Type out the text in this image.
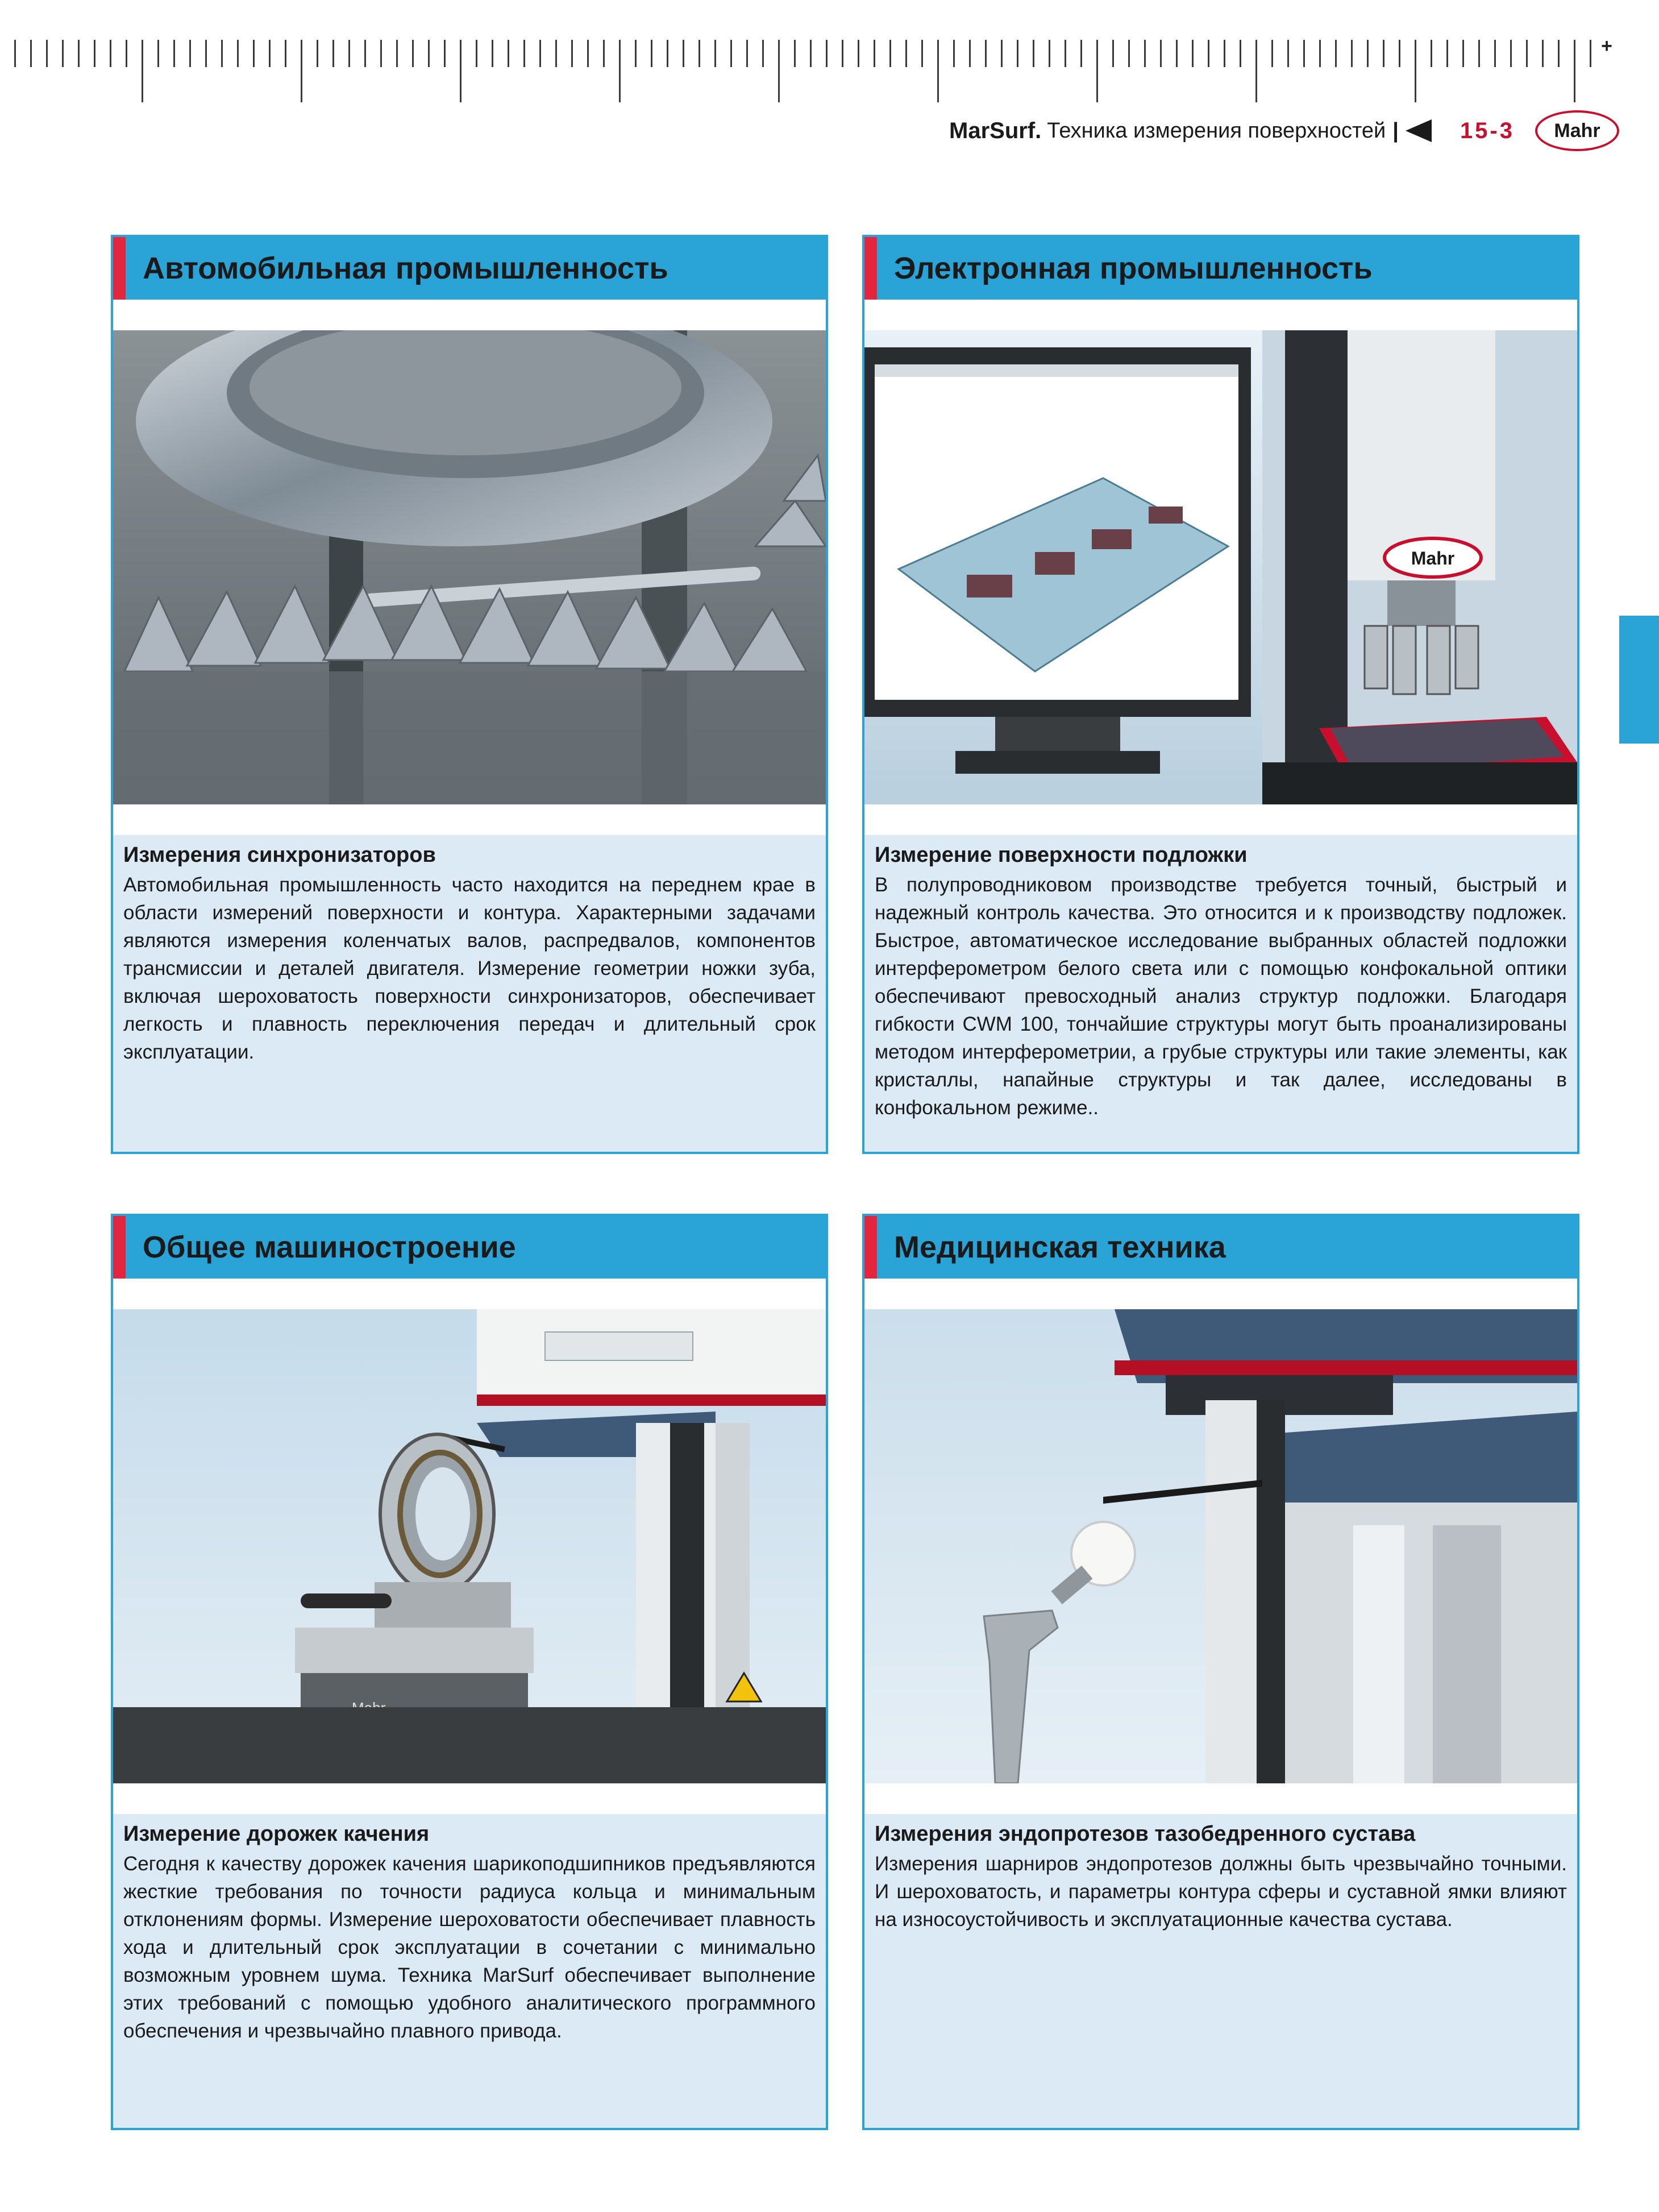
+
MarSurf. Техника измерения поверхностей |	15-3	Mahr
Автомобильная промышленность
Измерения синхронизаторов

Автомобильная промышленность часто находится на переднем крае в области измерений поверхности и контура. Характерными задачами являются измерения коленчатых валов, распредвалов, компонентов трансмиссии и деталей двигателя. Измерение геометрии ножки зуба, включая шероховатость поверхности синхронизаторов, обеспечивает легкость и плавность переключения передач и длительный срок эксплуатации.

Электронная промышленность
Mahr
Измерение поверхности подложки

В полупроводниковом производстве требуется точный, быстрый и надежный контроль качества. Это относится и к производству подложек. Быстрое, автоматическое исследование выбранных областей подложки интерферометром белого света или с помощью конфокальной оптики обеспечивают превосходный анализ структур подложки. Благодаря гибкости CWM 100, тончайшие структуры могут быть проанализированы методом интерферометрии, а грубые структуры или такие элементы, как кристаллы, напайные структуры и так далее, исследованы в конфокальном режиме..

Общее машиностроение
Измерение дорожек качения

Сегодня к качеству дорожек качения шарикоподшипников предъявляются жесткие требования по точности радиуса кольца и минимальным отклонениям формы. Измерение шероховатости обеспечивает плавность хода и длительный срок эксплуатации в сочетании с минимально возможным уровнем шума. Техника MarSurf обеспечивает выполнение этих требований с помощью удобного аналитического программного обеспечения и чрезвычайно плавного привода.

Медицинская техника
Измерения эндопротезов тазобедренного сустава

Измерения шарниров эндопротезов должны быть чрезвычайно точными. И шероховатость, и параметры контура сферы и суставной ямки влияют на износоустойчивость и эксплуатационные качества сустава.
